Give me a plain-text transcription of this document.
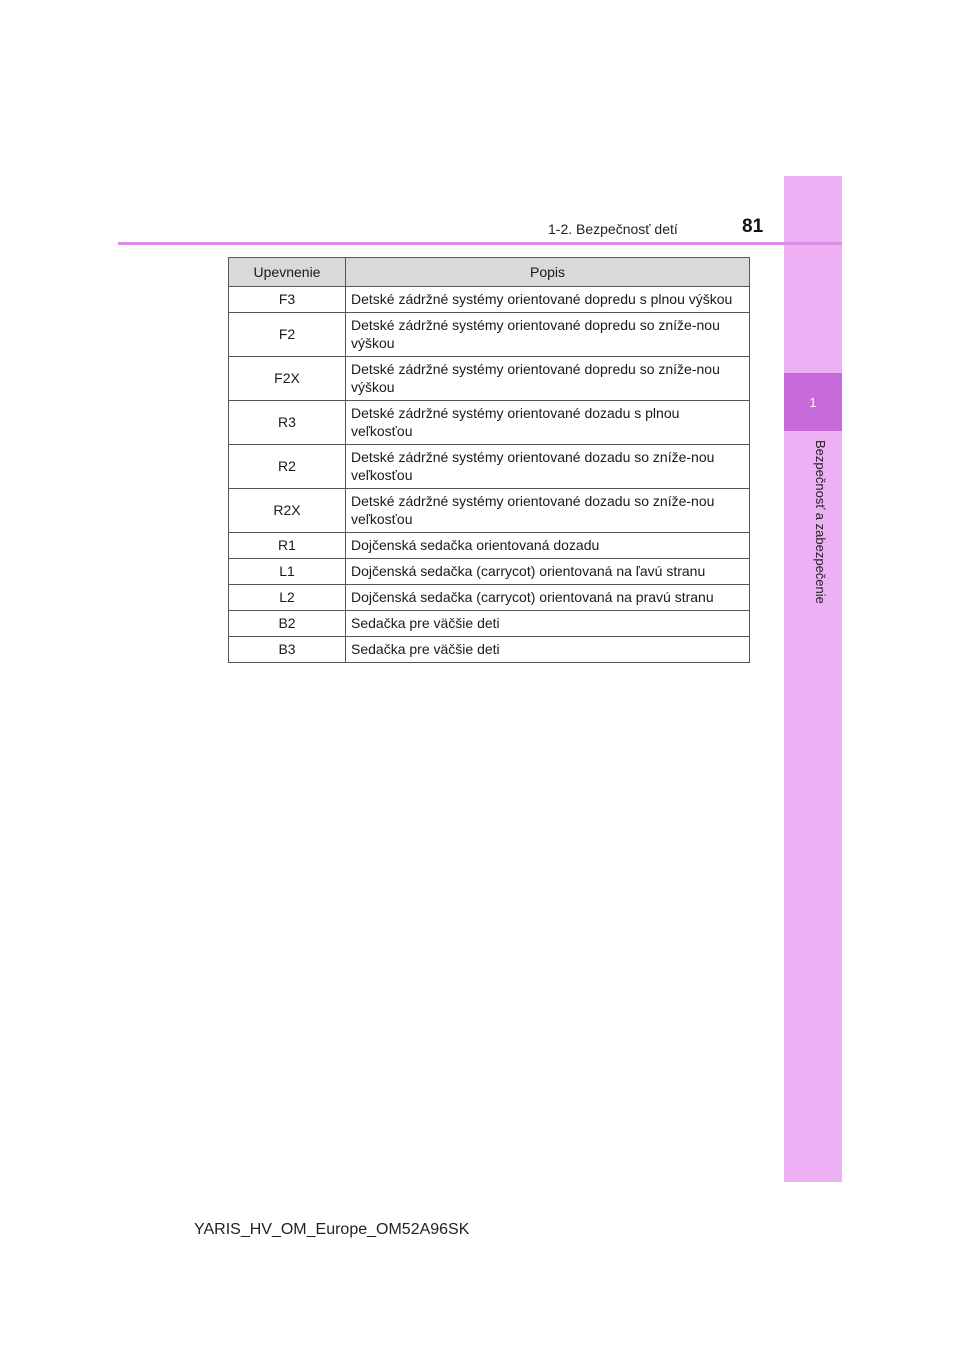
1
Bezpečnosť a zabezpečenie
1-2. Bezpečnosť detí	81
Upevnenie	Popis
F3	Detské zádržné systémy orientované dopredu s plnou výškou
F2	Detské zádržné systémy orientované dopredu so zníže-nou výškou
F2X	Detské zádržné systémy orientované dopredu so zníže-nou výškou
R3	Detské zádržné systémy orientované dozadu s plnou veľkosťou
R2	Detské zádržné systémy orientované dozadu so zníže-nou veľkosťou
R2X	Detské zádržné systémy orientované dozadu so zníže-nou veľkosťou
R1	Dojčenská sedačka orientovaná dozadu
L1	Dojčenská sedačka (carrycot) orientovaná na ľavú stranu
L2	Dojčenská sedačka (carrycot) orientovaná na pravú stranu
B2	Sedačka pre väčšie deti
B3	Sedačka pre väčšie deti
YARIS_HV_OM_Europe_OM52A96SK
